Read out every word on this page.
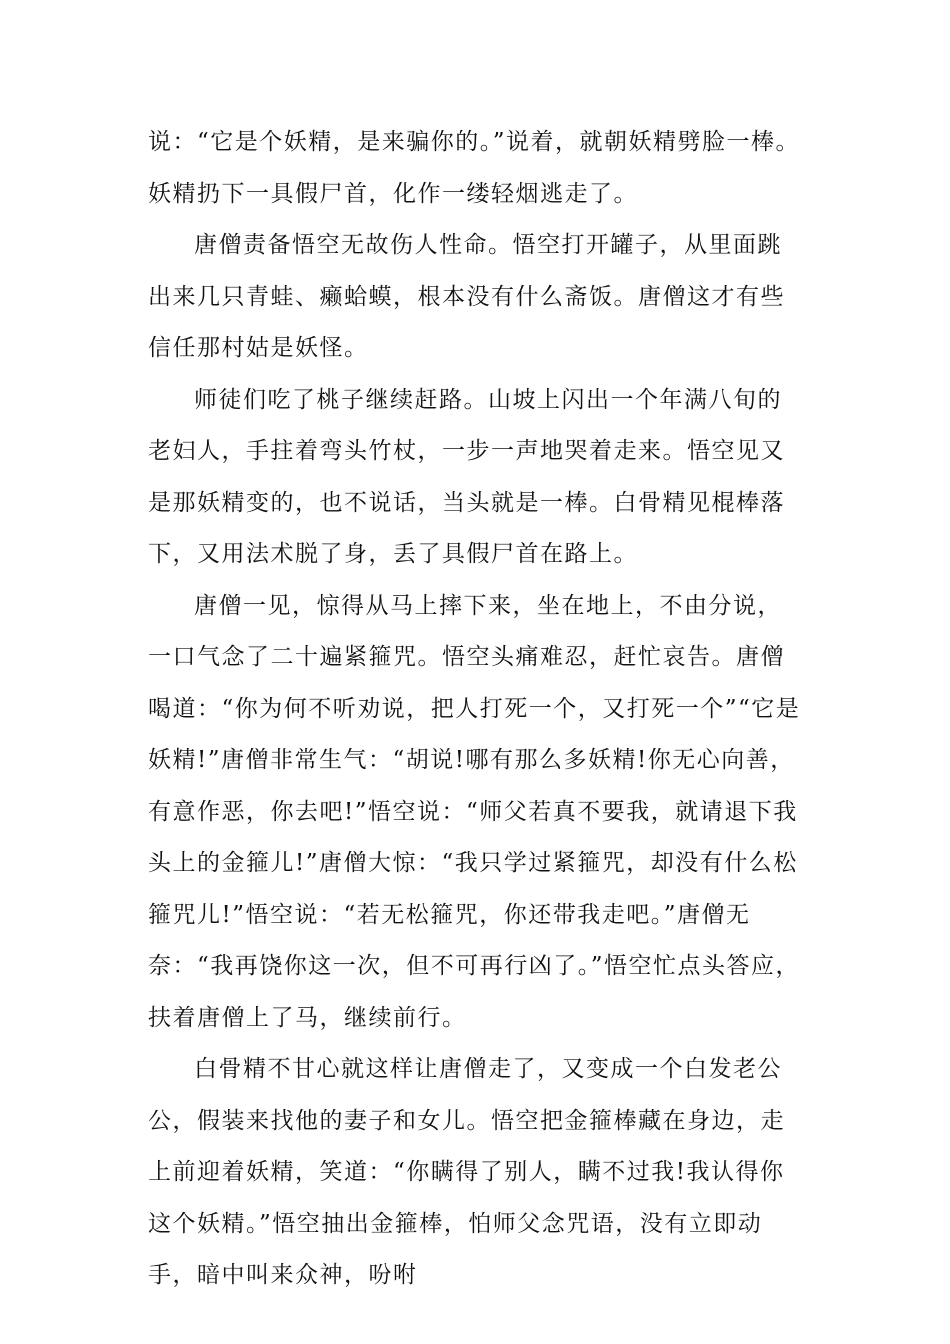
说：“它是个妖精，是来骗你的。”说着，就朝妖精劈脸一棒。妖精扔下一具假尸首，化作一缕轻烟逃走了。

唐僧责备悟空无故伤人性命。悟空打开罐子，从里面跳出来几只青蛙、癞蛤蟆，根本没有什么斋饭。唐僧这才有些信任那村姑是妖怪。

师徒们吃了桃子继续赶路。山坡上闪出一个年满八旬的老妇人，手拄着弯头竹杖，一步一声地哭着走来。悟空见又是那妖精变的，也不说话，当头就是一棒。白骨精见棍棒落下，又用法术脱了身，丢了具假尸首在路上。

唐僧一见，惊得从马上摔下来，坐在地上，不由分说，一口气念了二十遍紧箍咒。悟空头痛难忍，赶忙哀告。唐僧喝道：“你为何不听劝说，把人打死一个，又打死一个”“它是妖精!”唐僧非常生气：“胡说!哪有那么多妖精!你无心向善，有意作恶，你去吧!”悟空说：“师父若真不要我，就请退下我头上的金箍儿!”唐僧大惊：“我只学过紧箍咒，却没有什么松箍咒儿!”悟空说：“若无松箍咒，你还带我走吧。”唐僧无奈：“我再饶你这一次，但不可再行凶了。”悟空忙点头答应，扶着唐僧上了马，继续前行。

白骨精不甘心就这样让唐僧走了，又变成一个白发老公公，假装来找他的妻子和女儿。悟空把金箍棒藏在身边，走上前迎着妖精，笑道：“你瞒得了别人，瞒不过我!我认得你这个妖精。”悟空抽出金箍棒，怕师父念咒语，没有立即动手，暗中叫来众神，吩咐
